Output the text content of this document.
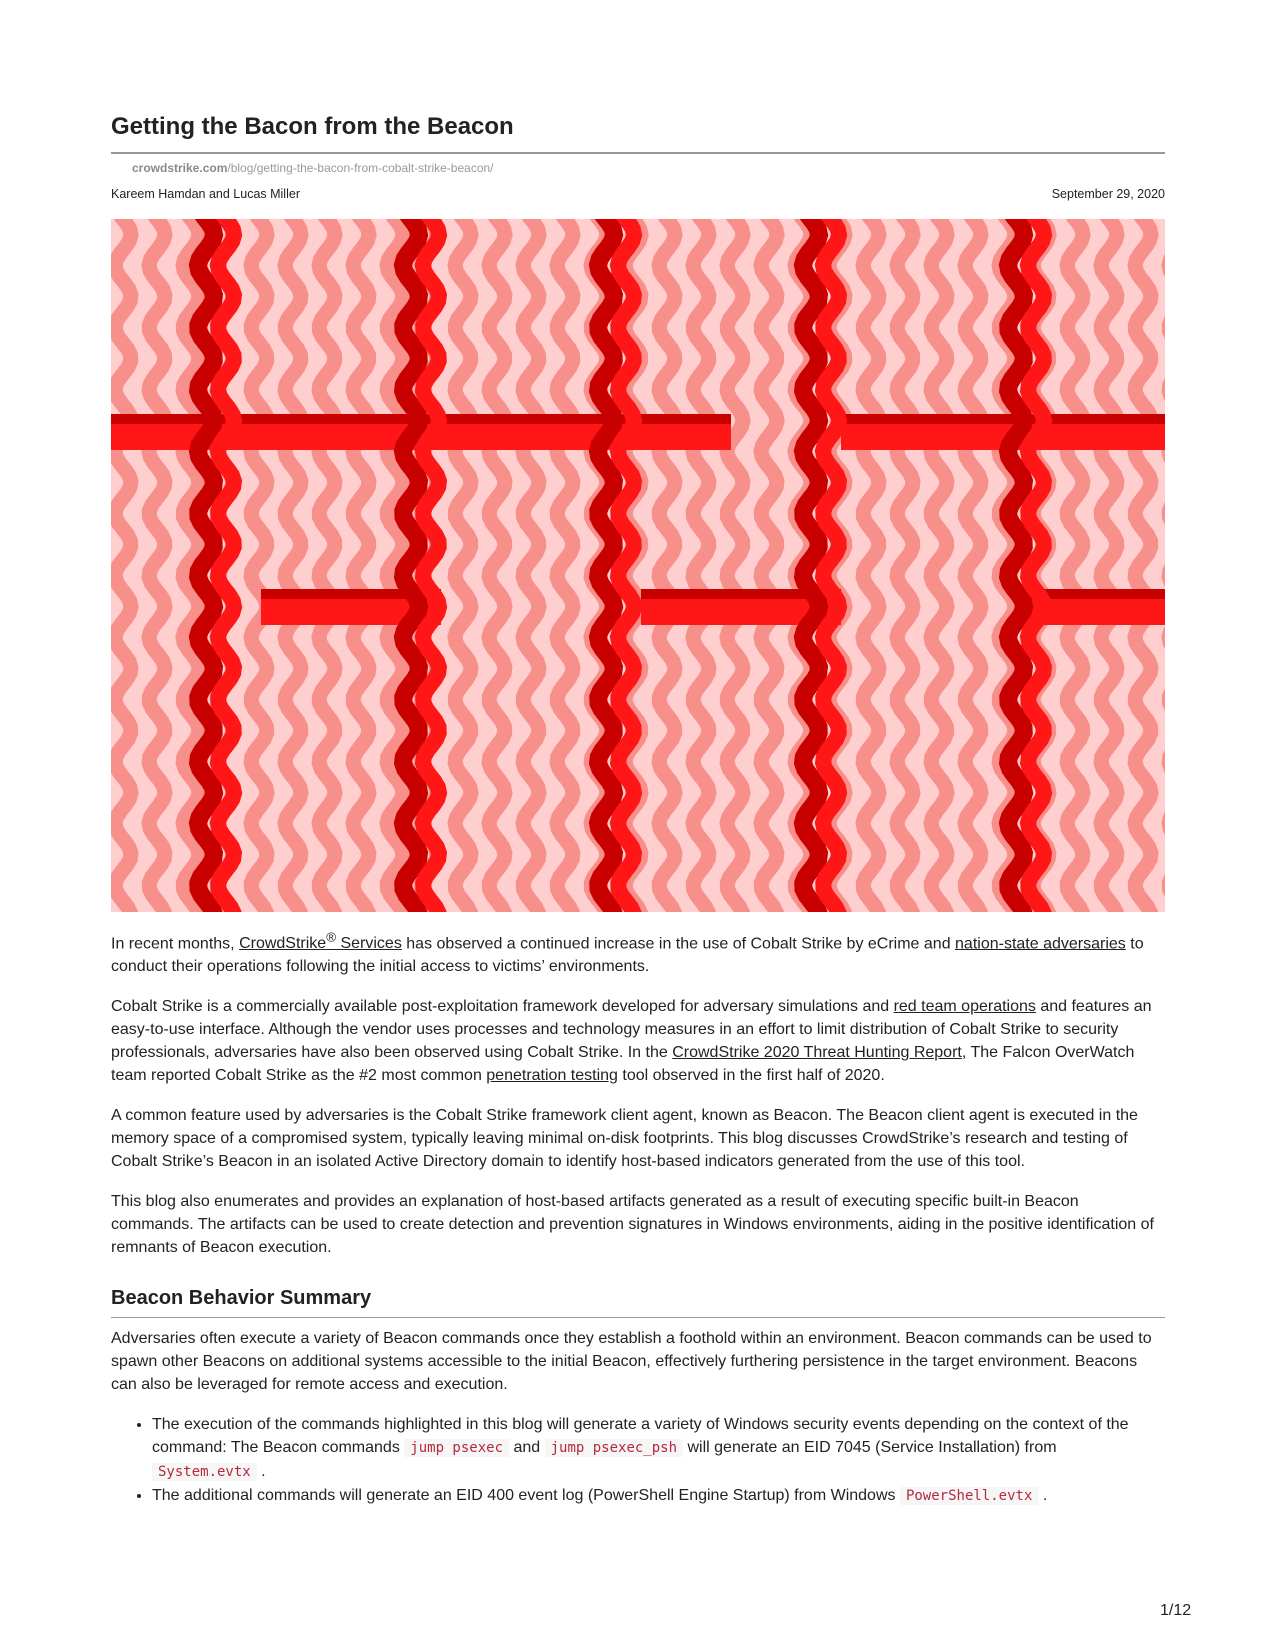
Getting the Bacon from the Beacon
crowdstrike.com/blog/getting-the-bacon-from-cobalt-strike-beacon/
Kareem Hamdan and Lucas Miller	September 29, 2020

In recent months, CrowdStrike® Services has observed a continued increase in the use of Cobalt Strike by eCrime and nation-state adversaries to conduct their operations following the initial access to victims’ environments.

Cobalt Strike is a commercially available post-exploitation framework developed for adversary simulations and red team operations and features an easy-to-use interface. Although the vendor uses processes and technology measures in an effort to limit distribution of Cobalt Strike to security professionals, adversaries have also been observed using Cobalt Strike. In the CrowdStrike 2020 Threat Hunting Report, The Falcon OverWatch team reported Cobalt Strike as the #2 most common penetration testing tool observed in the first half of 2020.

A common feature used by adversaries is the Cobalt Strike framework client agent, known as Beacon. The Beacon client agent is executed in the memory space of a compromised system, typically leaving minimal on-disk footprints. This blog discusses CrowdStrike’s research and testing of Cobalt Strike’s Beacon in an isolated Active Directory domain to identify host-based indicators generated from the use of this tool.

This blog also enumerates and provides an explanation of host-based artifacts generated as a result of executing specific built-in Beacon commands. The artifacts can be used to create detection and prevention signatures in Windows environments, aiding in the positive identification of remnants of Beacon execution.

Beacon Behavior Summary

Adversaries often execute a variety of Beacon commands once they establish a foothold within an environment. Beacon commands can be used to spawn other Beacons on additional systems accessible to the initial Beacon, effectively furthering persistence in the target environment. Beacons can also be leveraged for remote access and execution.

• The execution of the commands highlighted in this blog will generate a variety of Windows security events depending on the context of the command: The Beacon commands jump psexec and jump psexec_psh will generate an EID 7045 (Service Installation) from System.evtx .
• The additional commands will generate an EID 400 event log (PowerShell Engine Startup) from Windows PowerShell.evtx .
1/12
